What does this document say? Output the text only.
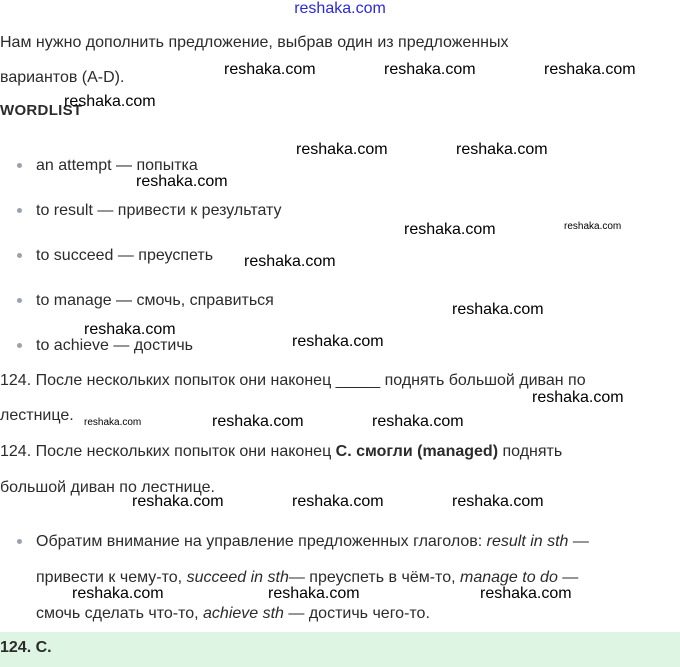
reshaka.com
Нам нужно дополнить предложение, выбрав один из предложенных
вариантов (A-D).
WORDLIST
an attempt — попытка
to result — привести к результату
to succeed — преуспеть
to manage — смочь, справиться
to achieve — достичь
124. После нескольких попыток они наконец _____ поднять большой диван по
лестнице.
124. После нескольких попыток они наконец С. смогли (managed) поднять
большой диван по лестнице.
Обратим внимание на управление предложенных глаголов: result in sth —
привести к чему-то, succeed in sth— преуспеть в чём-то, manage to do —
смочь сделать что-то, achieve sth — достичь чего-то.
124. C.
reshaka.com	reshaka.com	reshaka.com
reshaka.com
reshaka.com	reshaka.com
reshaka.com
reshaka.com	reshaka.com
reshaka.com
reshaka.com
reshaka.com
reshaka.com
reshaka.com
reshaka.com	reshaka.com	reshaka.com
reshaka.com	reshaka.com	reshaka.com
reshaka.com	reshaka.com	reshaka.com
